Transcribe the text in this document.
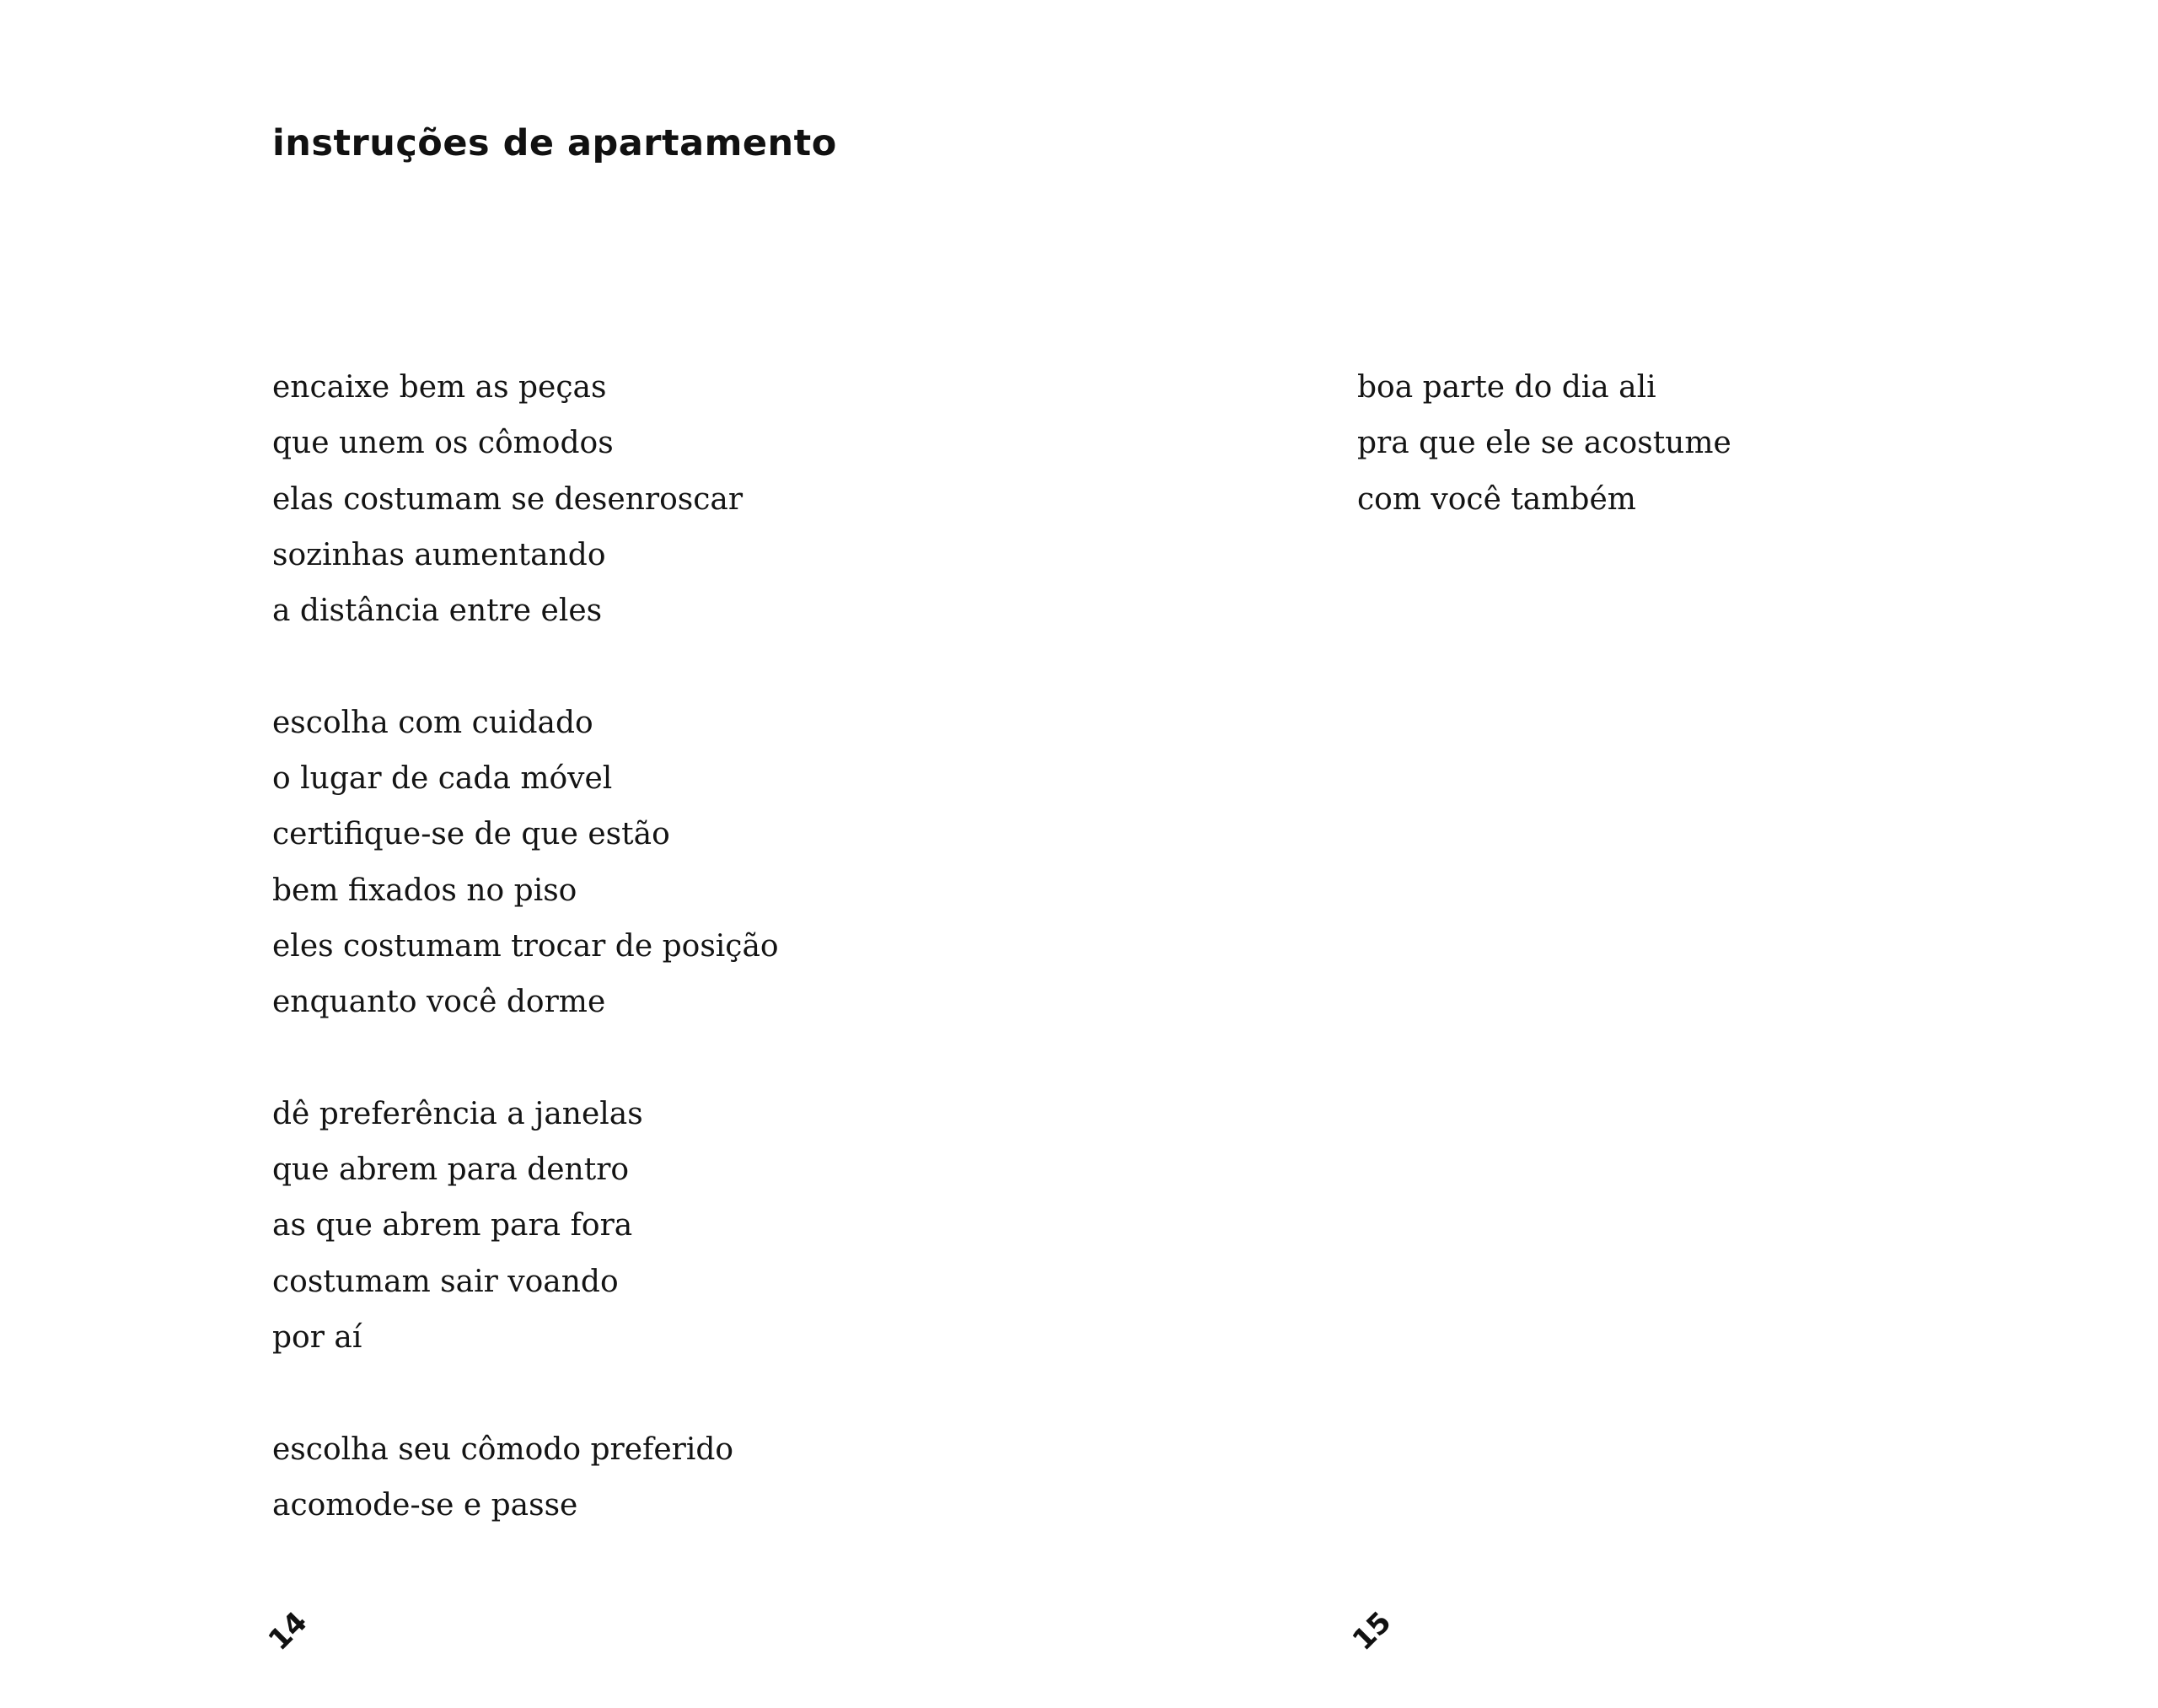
instruções de apartamento

encaixe bem as peças
que unem os cômodos
elas costumam se desenroscar
sozinhas aumentando
a distância entre eles

escolha com cuidado
o lugar de cada móvel
certifique-se de que estão
bem fixados no piso
eles costumam trocar de posição
enquanto você dorme

dê preferência a janelas
que abrem para dentro
as que abrem para fora
costumam sair voando
por aí

escolha seu cômodo preferido
acomode-se e passe

boa parte do dia ali
pra que ele se acostume
com você também

14	15
